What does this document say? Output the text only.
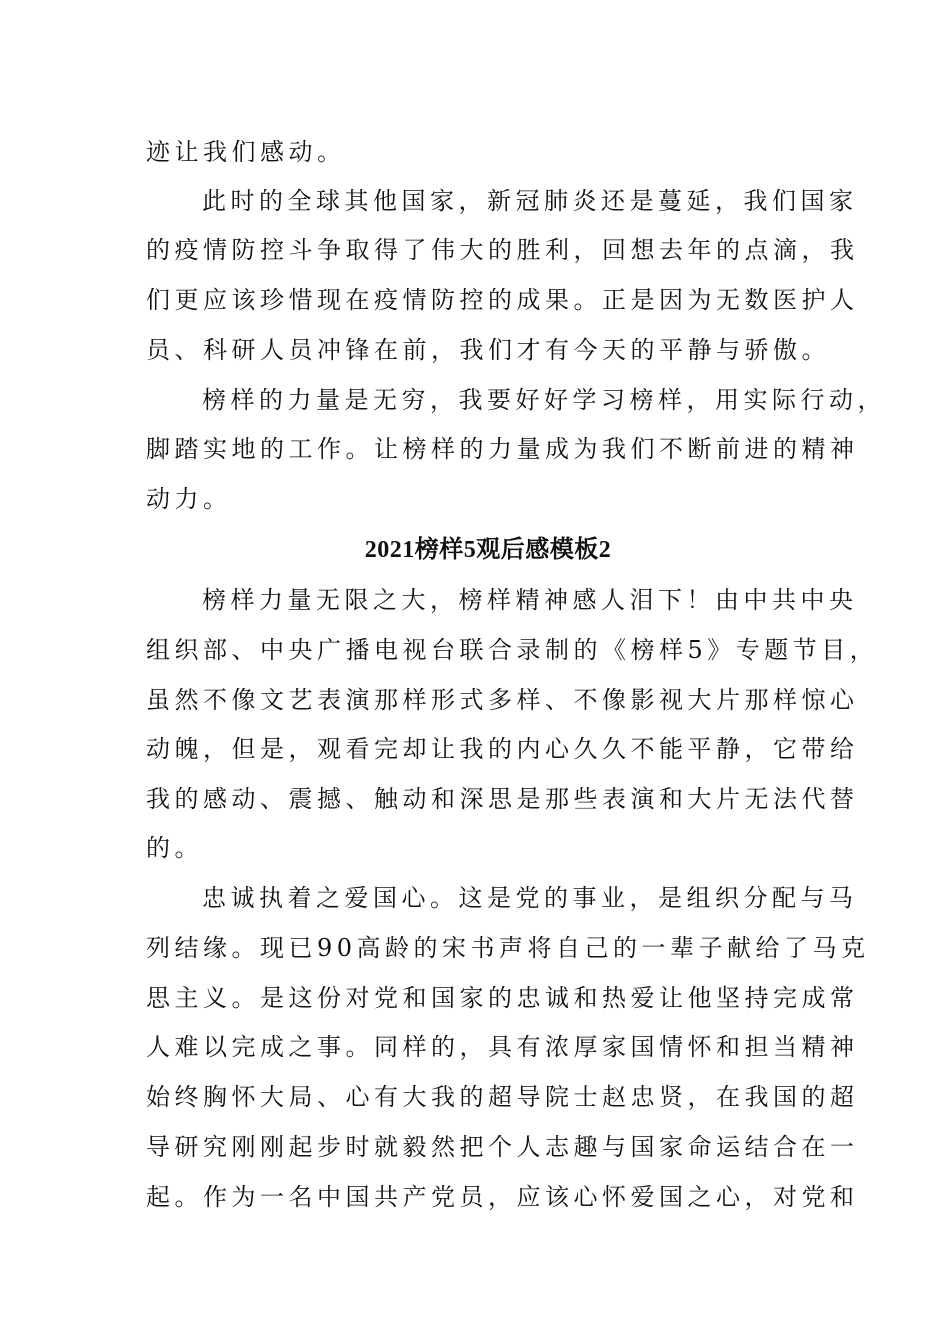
迹让我们感动。
此时的全球其他国家，新冠肺炎还是蔓延，我们国家
的疫情防控斗争取得了伟大的胜利，回想去年的点滴，我
们更应该珍惜现在疫情防控的成果。正是因为无数医护人
员、科研人员冲锋在前，我们才有今天的平静与骄傲。
榜样的力量是无穷，我要好好学习榜样，用实际行动，
脚踏实地的工作。让榜样的力量成为我们不断前进的精神
动力。
2021榜样5观后感模板2
榜样力量无限之大，榜样精神感人泪下！由中共中央
组织部、中央广播电视台联合录制的《榜样5》专题节目，
虽然不像文艺表演那样形式多样、不像影视大片那样惊心
动魄，但是，观看完却让我的内心久久不能平静，它带给
我的感动、震撼、触动和深思是那些表演和大片无法代替
的。
忠诚执着之爱国心。这是党的事业，是组织分配与马
列结缘。现已90高龄的宋书声将自己的一辈子献给了马克
思主义。是这份对党和国家的忠诚和热爱让他坚持完成常
人难以完成之事。同样的，具有浓厚家国情怀和担当精神
始终胸怀大局、心有大我的超导院士赵忠贤，在我国的超
导研究刚刚起步时就毅然把个人志趣与国家命运结合在一
起。作为一名中国共产党员，应该心怀爱国之心，对党和
